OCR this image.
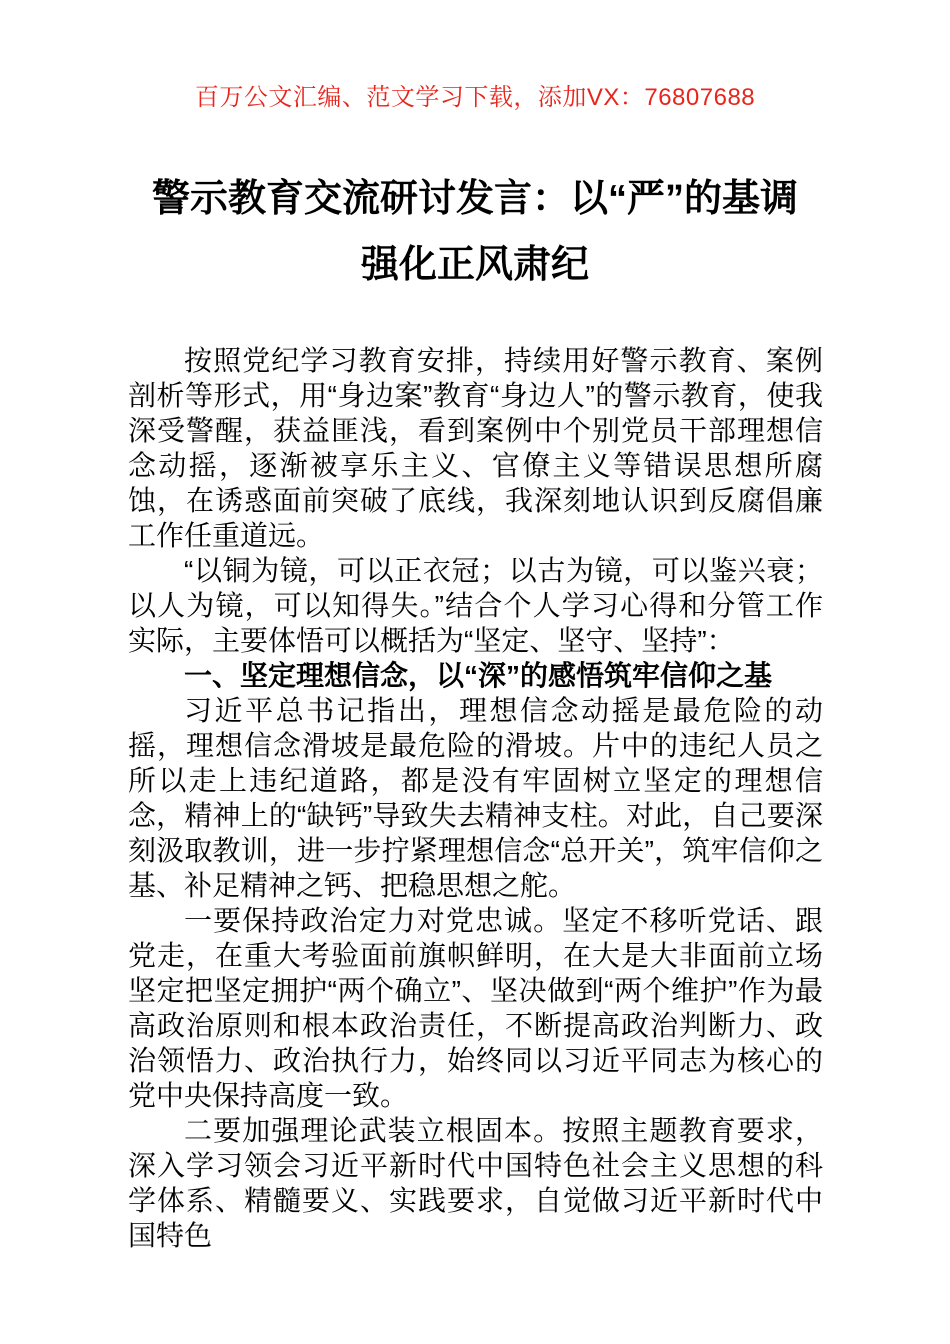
百万公文汇编、范文学习下载，添加VX：76807688
警示教育交流研讨发言：以“严”的基调
强化正风肃纪

按照党纪学习教育安排，持续用好警示教育、案例剖析等形式，用“身边案”教育“身边人”的警示教育，使我深受警醒，获益匪浅，看到案例中个别党员干部理想信念动摇，逐渐被享乐主义、官僚主义等错误思想所腐蚀，在诱惑面前突破了底线，我深刻地认识到反腐倡廉工作任重道远。

“以铜为镜，可以正衣冠；以古为镜，可以鉴兴衰；以人为镜，可以知得失。”结合个人学习心得和分管工作实际，主要体悟可以概括为“坚定、坚守、坚持”：

一、坚定理想信念，以“深”的感悟筑牢信仰之基

习近平总书记指出，理想信念动摇是最危险的动摇，理想信念滑坡是最危险的滑坡。片中的违纪人员之所以走上违纪道路，都是没有牢固树立坚定的理想信念，精神上的“缺钙”导致失去精神支柱。对此，自己要深刻汲取教训，进一步拧紧理想信念“总开关”，筑牢信仰之基、补足精神之钙、把稳思想之舵。

一要保持政治定力对党忠诚。坚定不移听党话、跟党走，在重大考验面前旗帜鲜明，在大是大非面前立场坚定把坚定拥护“两个确立”、坚决做到“两个维护”作为最高政治原则和根本政治责任，不断提高政治判断力、政治领悟力、政治执行力，始终同以习近平同志为核心的党中央保持高度一致。

二要加强理论武装立根固本。按照主题教育要求，深入学习领会习近平新时代中国特色社会主义思想的科学体系、精髓要义、实践要求，自觉做习近平新时代中国特色
